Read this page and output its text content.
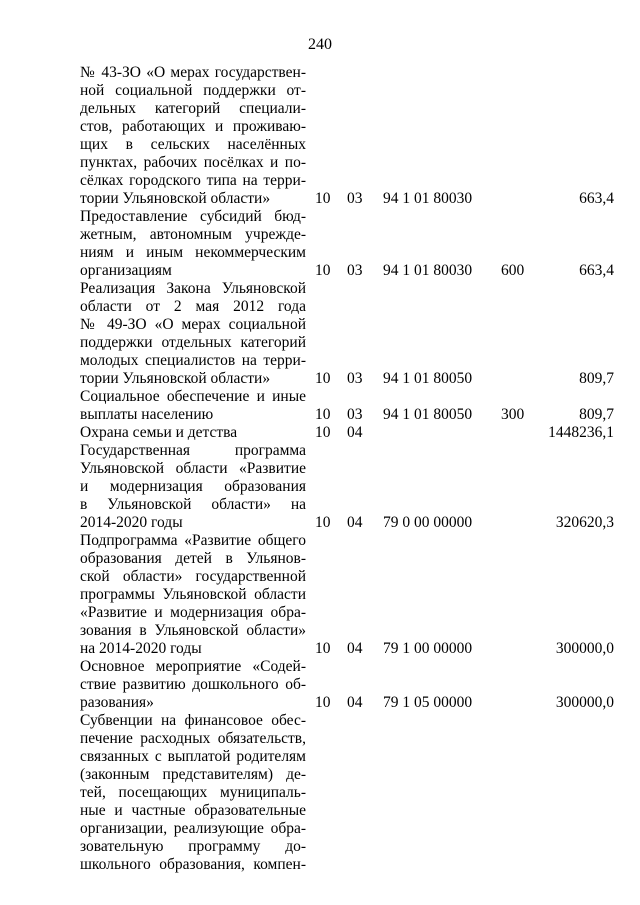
240
№ 43-ЗО «О мерах государствен-
ной социальной поддержки от-
дельных категорий специали-
стов, работающих и проживаю-
щих в сельских населённых
пунктах, рабочих посёлках и по-
сёлках городского типа на терри-
тории Ульяновской области»	10 03 94 1 01 80030	663,4
Предоставление субсидий бюд-
жетным, автономным учрежде-
ниям и иным некоммерческим
организациям	10 03 94 1 01 80030 600	663,4
Реализация Закона Ульяновской
области от 2 мая 2012 года
№ 49-ЗО «О мерах социальной
поддержки отдельных категорий
молодых специалистов на терри-
тории Ульяновской области»	10 03 94 1 01 80050	809,7
Социальное обеспечение и иные
выплаты населению	10 03 94 1 01 80050 300	809,7
Охрана семьи и детства	10 04	1448236,1
Государственная программа
Ульяновской области «Развитие
и модернизация образования
в Ульяновской области» на
2014-2020 годы	10 04 79 0 00 00000	320620,3
Подпрограмма «Развитие общего
образования детей в Ульянов-
ской области» государственной
программы Ульяновской области
«Развитие и модернизация обра-
зования в Ульяновской области»
на 2014-2020 годы	10 04 79 1 00 00000	300000,0
Основное мероприятие «Содей-
ствие развитию дошкольного об-
разования»	10 04 79 1 05 00000	300000,0
Субвенции на финансовое обес-
печение расходных обязательств,
связанных с выплатой родителям
(законным представителям) де-
тей, посещающих муниципаль-
ные и частные образовательные
организации, реализующие обра-
зовательную программу до-
школьного образования, компен-
